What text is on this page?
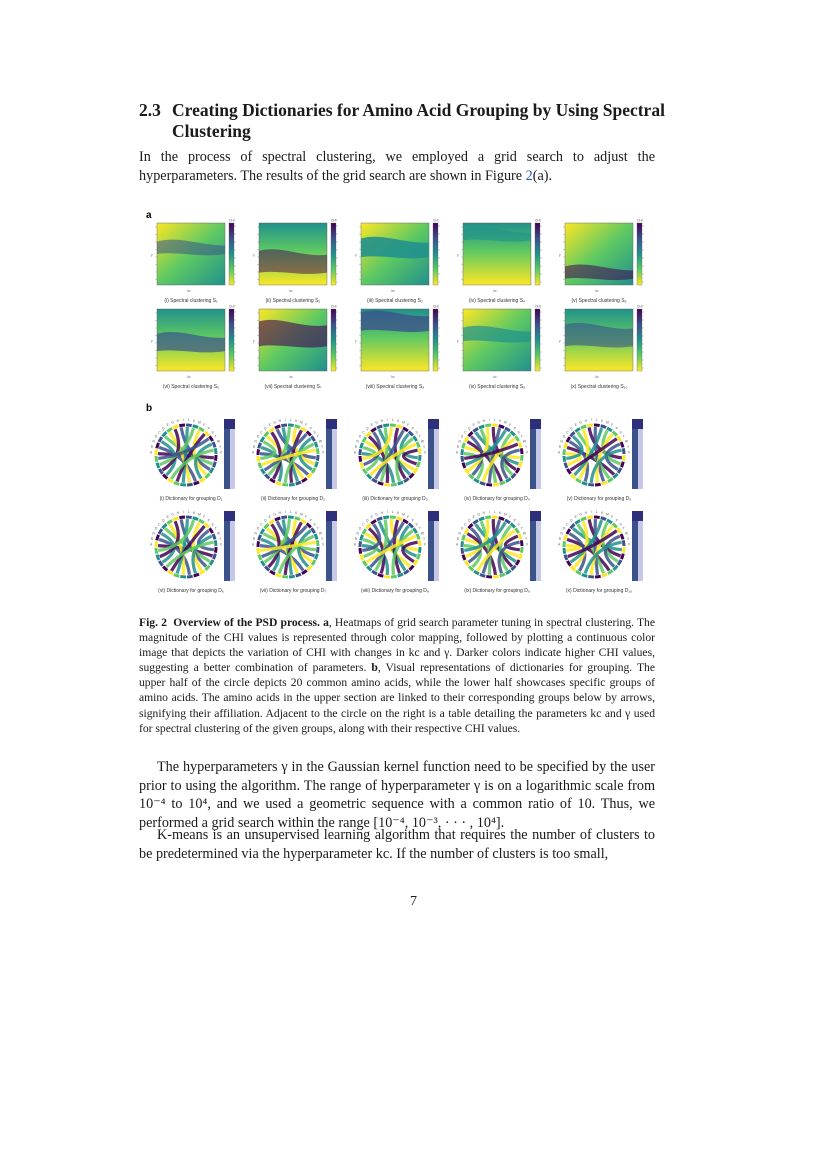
2.3 Creating Dictionaries for Amino Acid Grouping by Using Spectral Clustering

In the process of spectral clustering, we employed a grid search to adjust the hyperparameters. The results of the grid search are shown in Figure 2(a).

a
b
CHI
kc
γ
(i) Spectral clustering S₁
CHI
kc
γ
(ii) Spectral clustering S₂
CHI
kc
γ
(iii) Spectral clustering S₃
CHI
kc
γ
(iv) Spectral clustering S₄
CHI
kc
γ
(v) Spectral clustering S₅
CHI
kc
γ
(vi) Spectral clustering S₆
CHI
kc
γ
(vii) Spectral clustering S₇
CHI
kc
γ
(viii) Spectral clustering S₈
CHI
kc
γ
(ix) Spectral clustering S₉
CHI
kc
γ
(x) Spectral clustering S₁₀
A
R
N
D
C
Q
E
G H I L K M
F
P
S
T
W
Y
V
(i) Dictionary for grouping D₁
A
R
N
D
C
Q
E
G H I L K M
F
P
S
T
W
Y
V
(ii) Dictionary for grouping D₂
A
R
N
D
C
Q
E
G H I L K M
F
P
S
T
W
Y
V
(iii) Dictionary for grouping D₃
A
R
N
D
C
Q
E
G H I L K M
F
P
S
T
W
Y
V
(iv) Dictionary for grouping D₄
A
R
N
D
C
Q
E
G H I L K M
F
P
S
T
W
Y
V
(v) Dictionary for grouping D₅
A
R
N
D
C
Q
E
G H I L K M
F
P
S
T
W
Y
V
(vi) Dictionary for grouping D₆
A
R
N
D
C
Q
E
G H I L K M
F
P
S
T
W
Y
V
(vii) Dictionary for grouping D₇
A
R
N
D
C
Q
E
G H I L K M
F
P
S
T
W
Y
V
(viii) Dictionary for grouping D₈
A
R
N
D
C
Q
E
G H I L K M
F
P
S
T
W
Y
V
(ix) Dictionary for grouping D₉
A
R
N
D
C
Q
E
G H I L K M
F
P
S
T
W
Y
V
(x) Dictionary for grouping D₁₀

Fig. 2 Overview of the PSD process. a, Heatmaps of grid search parameter tuning in spectral clustering. The magnitude of the CHI values is represented through color mapping, followed by plotting a continuous color image that depicts the variation of CHI with changes in kc and γ. Darker colors indicate higher CHI values, suggesting a better combination of parameters. b, Visual representations of dictionaries for grouping. The upper half of the circle depicts 20 common amino acids, while the lower half showcases specific groups of amino acids. The amino acids in the upper section are linked to their corresponding groups below by arrows, signifying their affiliation. Adjacent to the circle on the right is a table detailing the parameters kc and γ used for spectral clustering of the given groups, along with their respective CHI values.

The hyperparameters γ in the Gaussian kernel function need to be specified by the user prior to using the algorithm. The range of hyperparameter γ is on a logarithmic scale from 10⁻⁴ to 10⁴, and we used a geometric sequence with a common ratio of 10. Thus, we performed a grid search within the range [10⁻⁴, 10⁻³, · · · , 10⁴].

K-means is an unsupervised learning algorithm that requires the number of clusters to be predetermined via the hyperparameter kc. If the number of clusters is too small,

7
